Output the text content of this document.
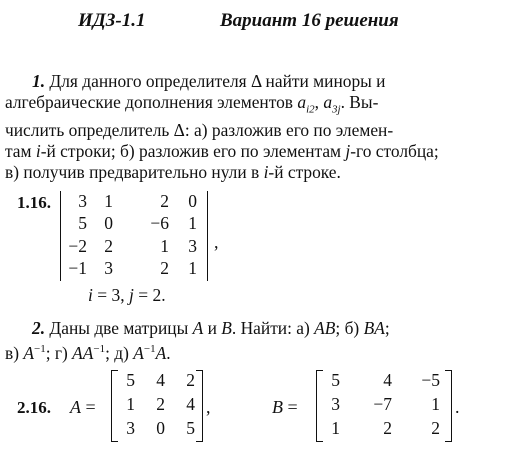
ИДЗ-1.1	Вариант 16 решения

1. Для данного определителя Δ найти миноры и

алгебраические дополнения элементов $a_{i2}$, $a_{3j}$. Вы-

числить определитель Δ: а) разложив его по элемен-

там i-й строки; б) разложив его по элементам j-го столбца;

в) получив предварительно нули в i-й строке.

1.16.	3 1	2	0
5 0 −6	1
−2 2	1	3
−1 3	2	1
,
i = 3, j = 2.

2. Даны две матрицы A и B. Найти: а) AB; б) BA;

в) $A^{-1}$; г) $AA^{-1}$; д) $A^{-1}A$.

2.16. A =
5	4	2
1	2	4
3	0	5
,	B =
5	4	−5
3	−7	1
1	2	2
.
